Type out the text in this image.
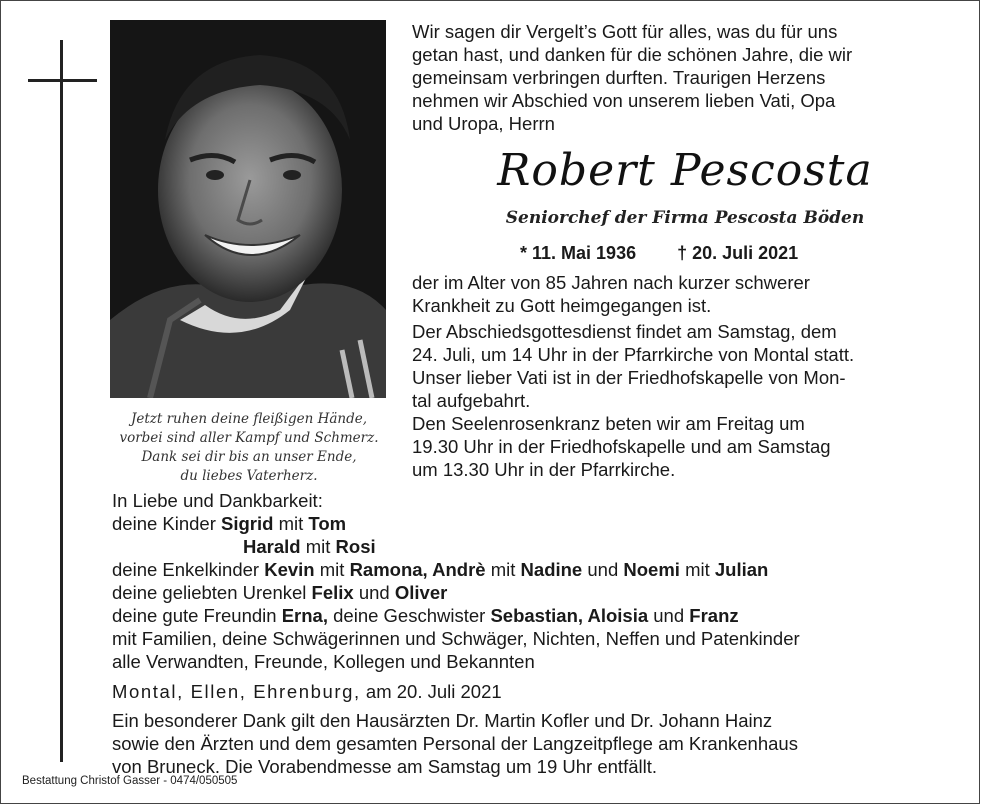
Jetzt ruhen deine fleißigen Hände,
vorbei sind aller Kampf und Schmerz.
Dank sei dir bis an unser Ende,
du liebes Vaterherz.
Wir sagen dir Vergelt’s Gott für alles, was du für uns
getan hast, und danken für die schönen Jahre, die wir
gemeinsam verbringen durften. Traurigen Herzens
nehmen wir Abschied von unserem lieben Vati, Opa
und Uropa, Herrn
Robert Pescosta
Seniorchef der Firma Pescosta Böden
* 11. Mai 1936 † 20. Juli 2021
der im Alter von 85 Jahren nach kurzer schwerer
Krankheit zu Gott heimgegangen ist.
Der Abschiedsgottesdienst findet am Samstag, dem
24. Juli, um 14 Uhr in der Pfarrkirche von Montal statt.
Unser lieber Vati ist in der Friedhofskapelle von Mon-
tal aufgebahrt.
Den Seelenrosenkranz beten wir am Freitag um
19.30 Uhr in der Friedhofskapelle und am Samstag
um 13.30 Uhr in der Pfarrkirche.
In Liebe und Dankbarkeit:
deine Kinder Sigrid mit Tom
Harald mit Rosi
deine Enkelkinder Kevin mit Ramona, Andrè mit Nadine und Noemi mit Julian
deine geliebten Urenkel Felix und Oliver
deine gute Freundin Erna, deine Geschwister Sebastian, Aloisia und Franz
mit Familien, deine Schwägerinnen und Schwäger, Nichten, Neffen und Patenkinder
alle Verwandten, Freunde, Kollegen und Bekannten
Montal, Ellen, Ehrenburg, am 20. Juli 2021
Ein besonderer Dank gilt den Hausärzten Dr. Martin Kofler und Dr. Johann Hainz
sowie den Ärzten und dem gesamten Personal der Langzeitpflege am Krankenhaus
von Bruneck. Die Vorabendmesse am Samstag um 19 Uhr entfällt.
Bestattung Christof Gasser - 0474/050505
